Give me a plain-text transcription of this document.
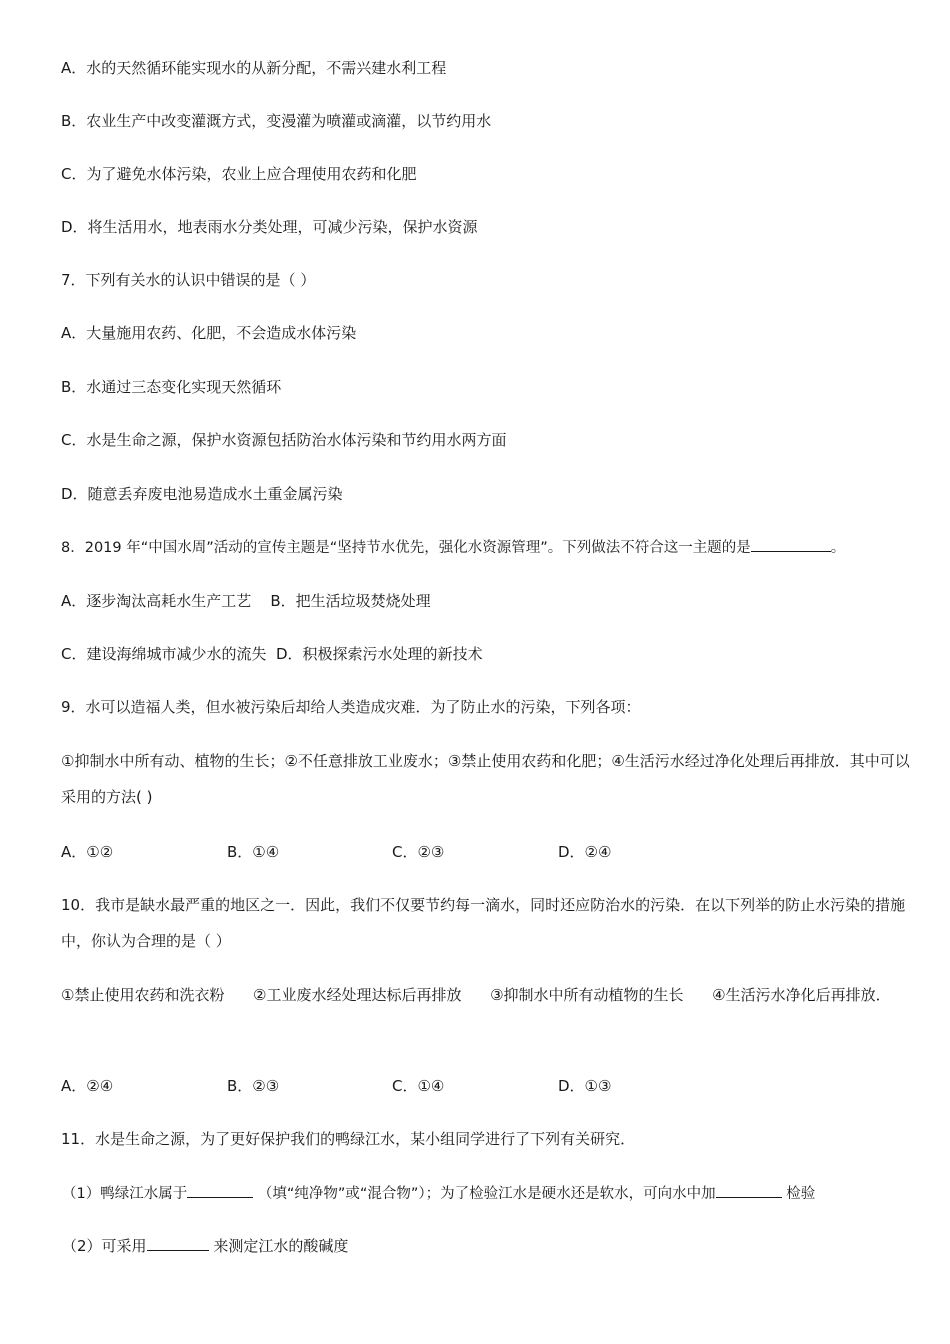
A．水的天然循环能实现水的从新分配，不需兴建水利工程
B．农业生产中改变灌溉方式，变漫灌为喷灌或滴灌，以节约用水
C．为了避免水体污染，农业上应合理使用农药和化肥
D．将生活用水，地表雨水分类处理，可减少污染，保护水资源
7．下列有关水的认识中错误的是（ ）
A．大量施用农药、化肥，不会造成水体污染
B．水通过三态变化实现天然循环
C．水是生命之源，保护水资源包括防治水体污染和节约用水两方面
D．随意丢弃废电池易造成水土重金属污染
8．2019 年“中国水周”活动的宣传主题是“坚持节水优先，强化水资源管理”。下列做法不符合这一主题的是	。
A．逐步淘汰高耗水生产工艺    B．把生活垃圾焚烧处理
C．建设海绵城市减少水的流失  D．积极探索污水处理的新技术
9．水可以造福人类，但水被污染后却给人类造成灾难．为了防止水的污染，下列各项：
①抑制水中所有动、植物的生长；②不任意排放工业废水；③禁止使用农药和化肥；④生活污水经过净化处理后再排放．其中可以采用的方法( )
A．①②	B．①④	C．②③	D．②④
10．我市是缺水最严重的地区之一．因此，我们不仅要节约每一滴水，同时还应防治水的污染．在以下列举的防止水污染的措施中，你认为合理的是（ ）
①禁止使用农药和洗衣粉      ②工业废水经处理达标后再排放      ③抑制水中所有动植物的生长      ④生活污水净化后再排放．
A．②④	B．②③	C．①④	D．①③
11．水是生命之源，为了更好保护我们的鸭绿江水，某小组同学进行了下列有关研究．
（1）鸭绿江水属于	（填“纯净物”或“混合物”）；为了检验江水是硬水还是软水，可向水中加	检验
（2）可采用	来测定江水的酸碱度
